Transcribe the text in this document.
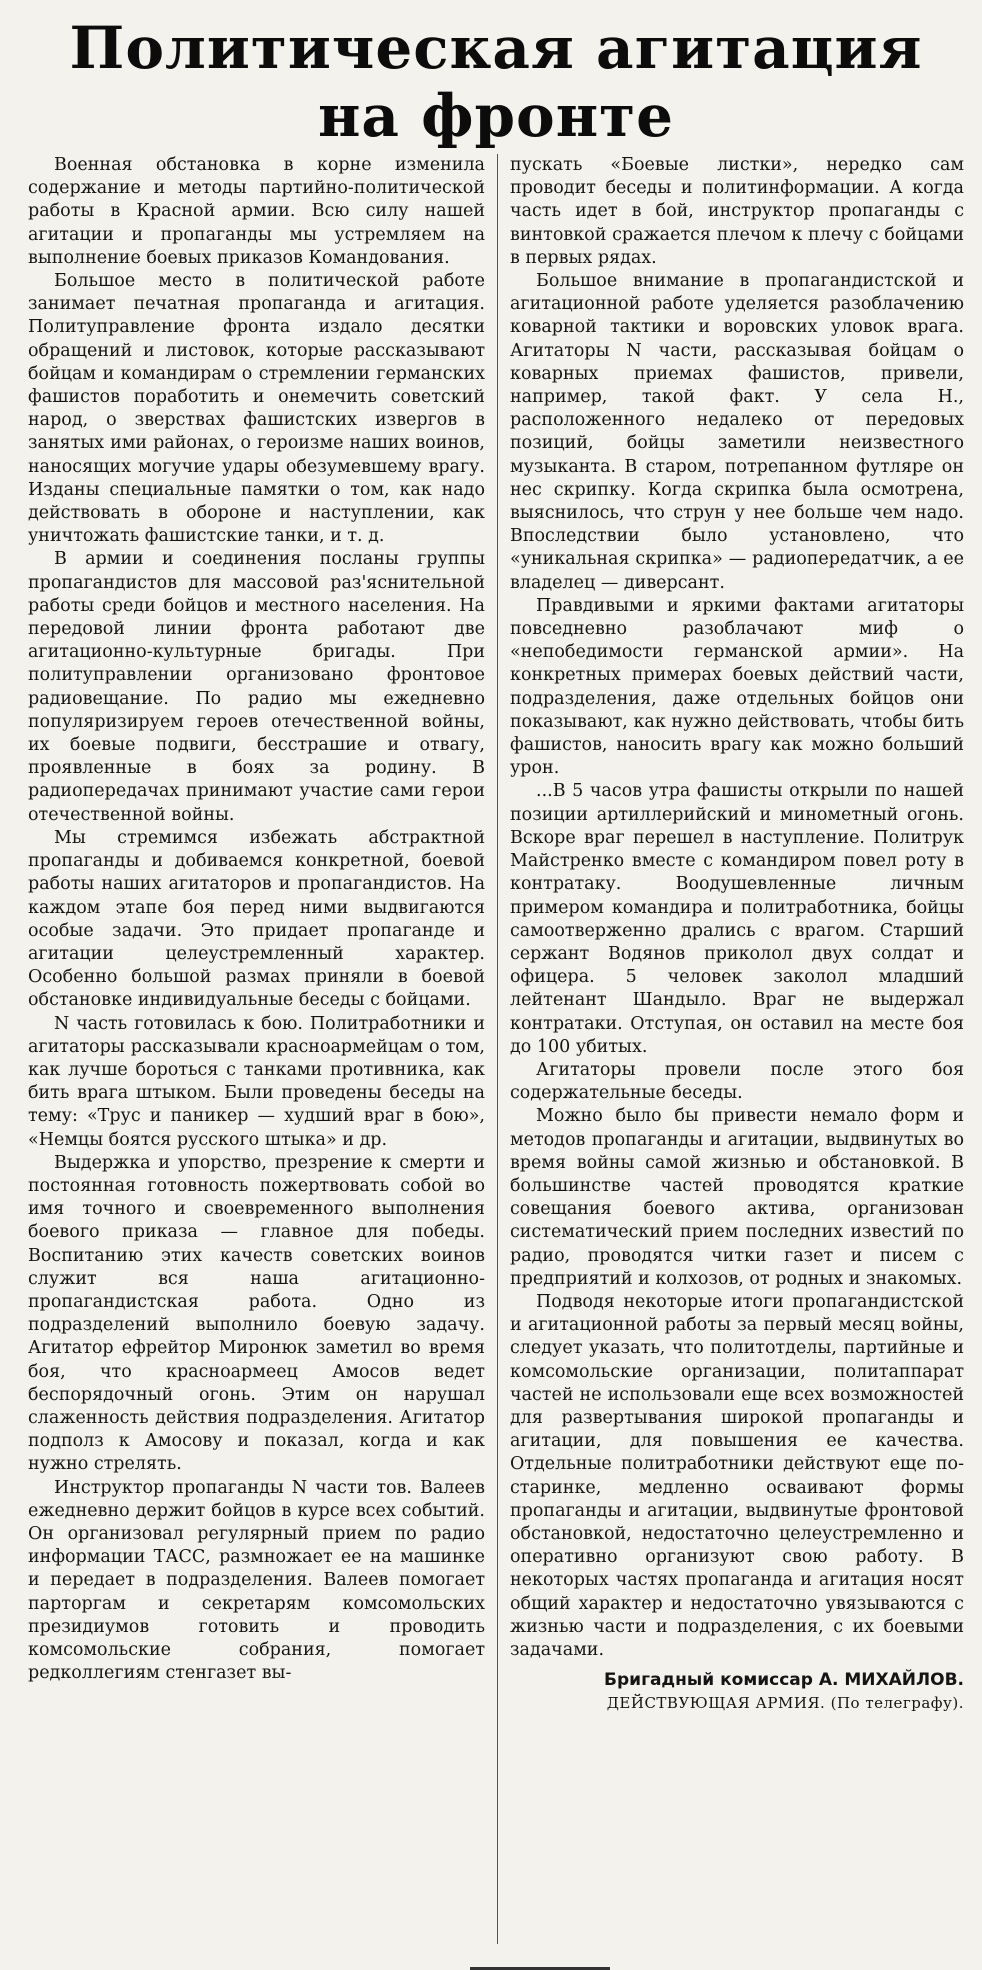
Политическая агитация
на фронте

Военная обстановка в корне изменила содержание и методы партийно-политической работы в Красной армии. Всю силу нашей агитации и пропаганды мы устремляем на выполнение боевых приказов Командования.

Большое место в политической работе занимает печатная пропаганда и агитация. Политуправление фронта издало десятки обращений и листовок, которые рассказывают бойцам и командирам о стремлении германских фашистов поработить и онемечить советский народ, о зверствах фашистских извергов в занятых ими районах, о героизме наших воинов, наносящих могучие удары обезумевшему врагу. Изданы специальные памятки о том, как надо действовать в обороне и наступлении, как уничтожать фашистские танки, и т. д.

В армии и соединения посланы группы пропагандистов для массовой раз'яснительной работы среди бойцов и местного населения. На передовой линии фронта работают две агитационно-культурные бригады. При политуправлении организовано фронтовое радиовещание. По радио мы ежедневно популяризируем героев отечественной войны, их боевые подвиги, бесстрашие и отвагу, проявленные в боях за родину. В радиопередачах принимают участие сами герои отечественной войны.

Мы стремимся избежать абстрактной пропаганды и добиваемся конкретной, боевой работы наших агитаторов и пропагандистов. На каждом этапе боя перед ними выдвигаются особые задачи. Это придает пропаганде и агитации целеустремленный характер. Особенно большой размах приняли в боевой обстановке индивидуальные беседы с бойцами.

N часть готовилась к бою. Политработники и агитаторы рассказывали красноармейцам о том, как лучше бороться с танками противника, как бить врага штыком. Были проведены беседы на тему: «Трус и паникер — худший враг в бою», «Немцы боятся русского штыка» и др.

Выдержка и упорство, презрение к смерти и постоянная готовность пожертвовать собой во имя точного и своевременного выполнения боевого приказа — главное для победы. Воспитанию этих качеств советских воинов служит вся наша агитационно-пропагандистская работа. Одно из подразделений выполнило боевую задачу. Агитатор ефрейтор Миронюк заметил во время боя, что красноармеец Амосов ведет беспорядочный огонь. Этим он нарушал слаженность действия подразделения. Агитатор подполз к Амосову и показал, когда и как нужно стрелять.

Инструктор пропаганды N части тов. Валеев ежедневно держит бойцов в курсе всех событий. Он организовал регулярный прием по радио информации ТАСС, размножает ее на машинке и передает в подразделения. Валеев помогает парторгам и секретарям комсомольских президиумов готовить и проводить комсомольские собрания, помогает редколлегиям стенгазет вы-

пускать «Боевые листки», нередко сам проводит беседы и политинформации. А когда часть идет в бой, инструктор пропаганды с винтовкой сражается плечом к плечу с бойцами в первых рядах.

Большое внимание в пропагандистской и агитационной работе уделяется разоблачению коварной тактики и воровских уловок врага. Агитаторы N части, рассказывая бойцам о коварных приемах фашистов, привели, например, такой факт. У села Н., расположенного недалеко от передовых позиций, бойцы заметили неизвестного музыканта. В старом, потрепанном футляре он нес скрипку. Когда скрипка была осмотрена, выяснилось, что струн у нее больше чем надо. Впоследствии было установлено, что «уникальная скрипка» — радиопередатчик, а ее владелец — диверсант.

Правдивыми и яркими фактами агитаторы повседневно разоблачают миф о «непобедимости германской армии». На конкретных примерах боевых действий части, подразделения, даже отдельных бойцов они показывают, как нужно действовать, чтобы бить фашистов, наносить врагу как можно больший урон.

...В 5 часов утра фашисты открыли по нашей позиции артиллерийский и минометный огонь. Вскоре враг перешел в наступление. Политрук Майстренко вместе с командиром повел роту в контратаку. Воодушевленные личным примером командира и политработника, бойцы самоотверженно дрались с врагом. Старший сержант Водянов приколол двух солдат и офицера. 5 человек заколол младший лейтенант Шандыло. Враг не выдержал контратаки. Отступая, он оставил на месте боя до 100 убитых.

Агитаторы провели после этого боя содержательные беседы.

Можно было бы привести немало форм и методов пропаганды и агитации, выдвинутых во время войны самой жизнью и обстановкой. В большинстве частей проводятся краткие совещания боевого актива, организован систематический прием последних известий по радио, проводятся читки газет и писем с предприятий и колхозов, от родных и знакомых.

Подводя некоторые итоги пропагандистской и агитационной работы за первый месяц войны, следует указать, что политотделы, партийные и комсомольские организации, политаппарат частей не использовали еще всех возможностей для развертывания широкой пропаганды и агитации, для повышения ее качества. Отдельные политработники действуют еще по-старинке, медленно осваивают формы пропаганды и агитации, выдвинутые фронтовой обстановкой, недостаточно целеустремленно и оперативно организуют свою работу. В некоторых частях пропаганда и агитация носят общий характер и недостаточно увязываются с жизнью части и подразделения, с их боевыми задачами.

Бригадный комиссар А. МИХАЙЛОВ.
ДЕЙСТВУЮЩАЯ АРМИЯ. (По телеграфу).
